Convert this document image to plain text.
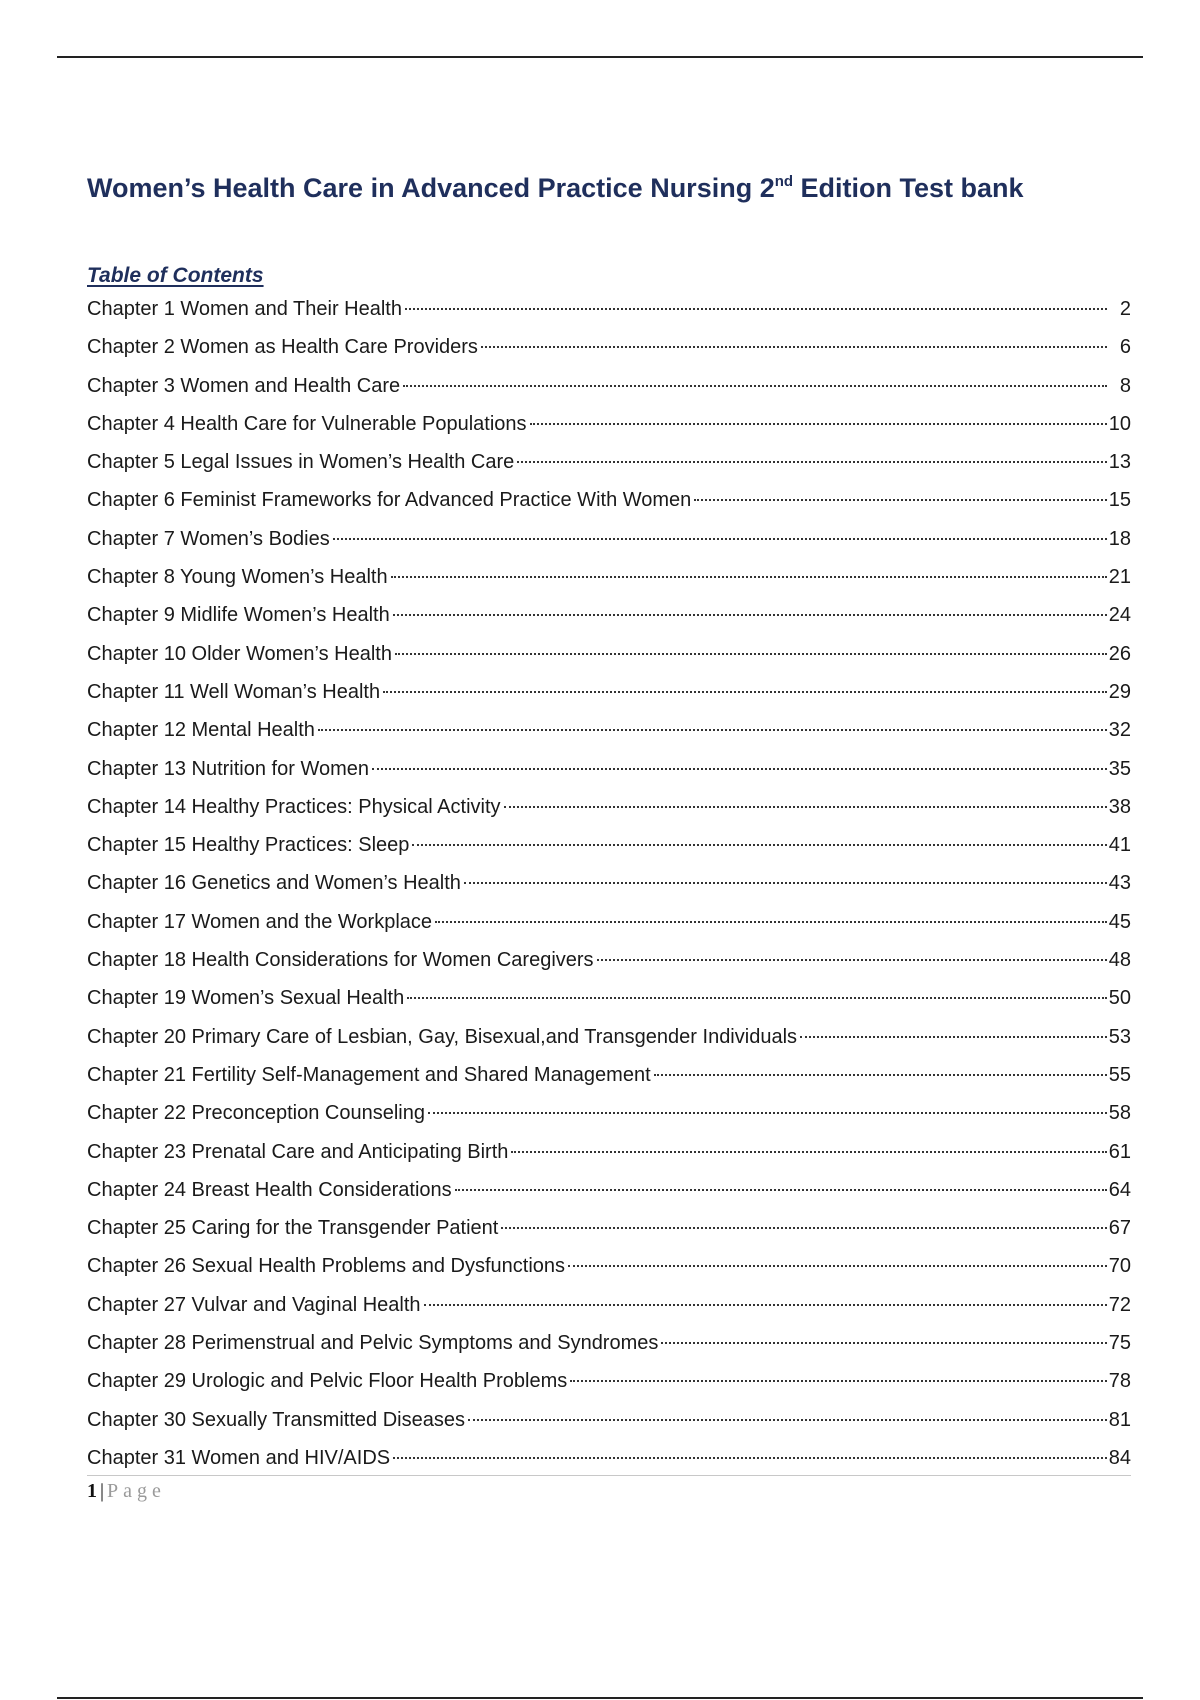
Women’s Health Care in Advanced Practice Nursing 2nd Edition Test bank
Table of Contents
Chapter 1 Women and Their Health	2
Chapter 2 Women as Health Care Providers	6
Chapter 3 Women and Health Care	8
Chapter 4 Health Care for Vulnerable Populations	10
Chapter 5 Legal Issues in Women’s Health Care	13
Chapter 6 Feminist Frameworks for Advanced Practice With Women	15
Chapter 7 Women’s Bodies	18
Chapter 8 Young Women’s Health	21
Chapter 9 Midlife Women’s Health	24
Chapter 10 Older Women’s Health	26
Chapter 11 Well Woman’s Health	29
Chapter 12 Mental Health	32
Chapter 13 Nutrition for Women	35
Chapter 14 Healthy Practices: Physical Activity	38
Chapter 15 Healthy Practices: Sleep	41
Chapter 16 Genetics and Women’s Health	43
Chapter 17 Women and the Workplace	45
Chapter 18 Health Considerations for Women Caregivers	48
Chapter 19 Women’s Sexual Health	50
Chapter 20 Primary Care of Lesbian, Gay, Bisexual,and Transgender Individuals	53
Chapter 21 Fertility Self-Management and Shared Management	55
Chapter 22 Preconception Counseling	58
Chapter 23 Prenatal Care and Anticipating Birth	61
Chapter 24 Breast Health Considerations	64
Chapter 25 Caring for the Transgender Patient	67
Chapter 26 Sexual Health Problems and Dysfunctions	70
Chapter 27 Vulvar and Vaginal Health	72
Chapter 28 Perimenstrual and Pelvic Symptoms and Syndromes	75
Chapter 29 Urologic and Pelvic Floor Health Problems	78
Chapter 30 Sexually Transmitted Diseases	81
Chapter 31 Women and HIV/AIDS	84
1 | Page
